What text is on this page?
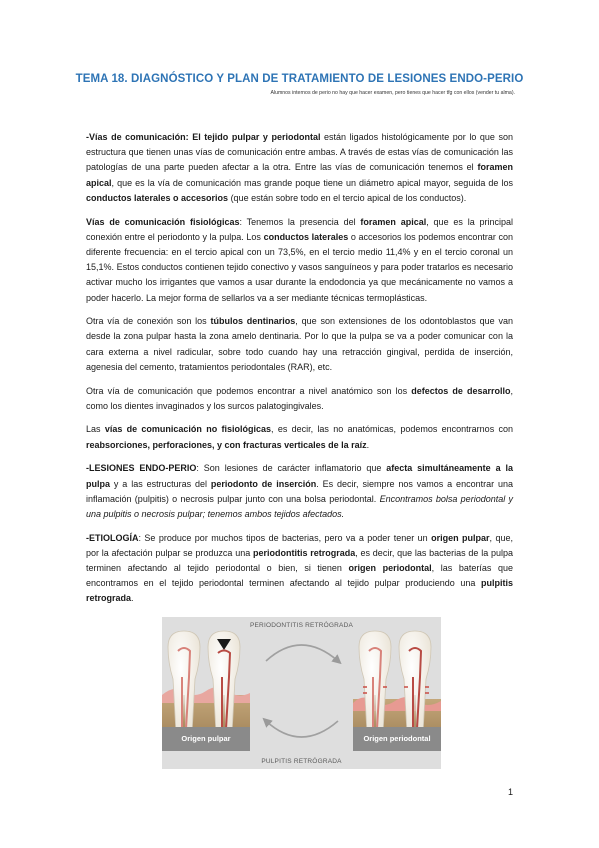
TEMA 18. DIAGNÓSTICO Y PLAN DE TRATAMIENTO DE LESIONES ENDO-PERIO
Alumnos internos de perio no hay que hacer examen, pero tienes que hacer tfg con ellos (vender tu alma).

-Vías de comunicación: El tejido pulpar y periodontal están ligados histológicamente por lo que son estructura que tienen unas vías de comunicación entre ambas. A través de estas vías de comunicación las patologías de una parte pueden afectar a la otra. Entre las vías de comunicación tenemos el foramen apical, que es la vía de comunicación mas grande poque tiene un diámetro apical mayor, seguida de los conductos laterales o accesorios (que están sobre todo en el tercio apical de los conductos).

Vías de comunicación fisiológicas: Tenemos la presencia del foramen apical, que es la principal conexión entre el periodonto y la pulpa. Los conductos laterales o accesorios los podemos encontrar con diferente frecuencia: en el tercio apical con un 73,5%, en el tercio medio 11,4% y en el tercio coronal un 15,1%. Estos conductos contienen tejido conectivo y vasos sanguíneos y para poder tratarlos es necesario activar mucho los irrigantes que vamos a usar durante la endodoncia ya que mecánicamente no vamos a poder hacerlo. La mejor forma de sellarlos va a ser mediante técnicas termoplásticas.

Otra vía de conexión son los túbulos dentinarios, que son extensiones de los odontoblastos que van desde la zona pulpar hasta la zona amelo dentinaria. Por lo que la pulpa se va a poder comunicar con la cara externa a nivel radicular, sobre todo cuando hay una retracción gingival, perdida de inserción, agenesia del cemento, tratamientos periodontales (RAR), etc.

Otra vía de comunicación que podemos encontrar a nivel anatómico son los defectos de desarrollo, como los dientes invaginados y los surcos palatogingivales.

Las vías de comunicación no fisiológicas, es decir, las no anatómicas, podemos encontrarnos con reabsorciones, perforaciones, y con fracturas verticales de la raíz.

-LESIONES ENDO-PERIO: Son lesiones de carácter inflamatorio que afecta simultáneamente a la pulpa y a las estructuras del periodonto de inserción. Es decir, siempre nos vamos a encontrar una inflamación (pulpitis) o necrosis pulpar junto con una bolsa periodontal. Encontramos bolsa periodontal y una pulpitis o necrosis pulpar; tenemos ambos tejidos afectados.

-ETIOLOGÍA: Se produce por muchos tipos de bacterias, pero va a poder tener un origen pulpar, que, por la afectación pulpar se produzca una periodontitis retrograda, es decir, que las bacterias de la pulpa terminen afectando al tejido periodontal o bien, si tienen origen periodontal, las baterías que encontramos en el tejido periodontal terminen afectando al tejido pulpar produciendo una pulpitis retrograda.

PERIODONTITIS RETRÓGRADA
PULPITIS RETRÓGRADA
Origen pulpar	Origen periodontal
1
